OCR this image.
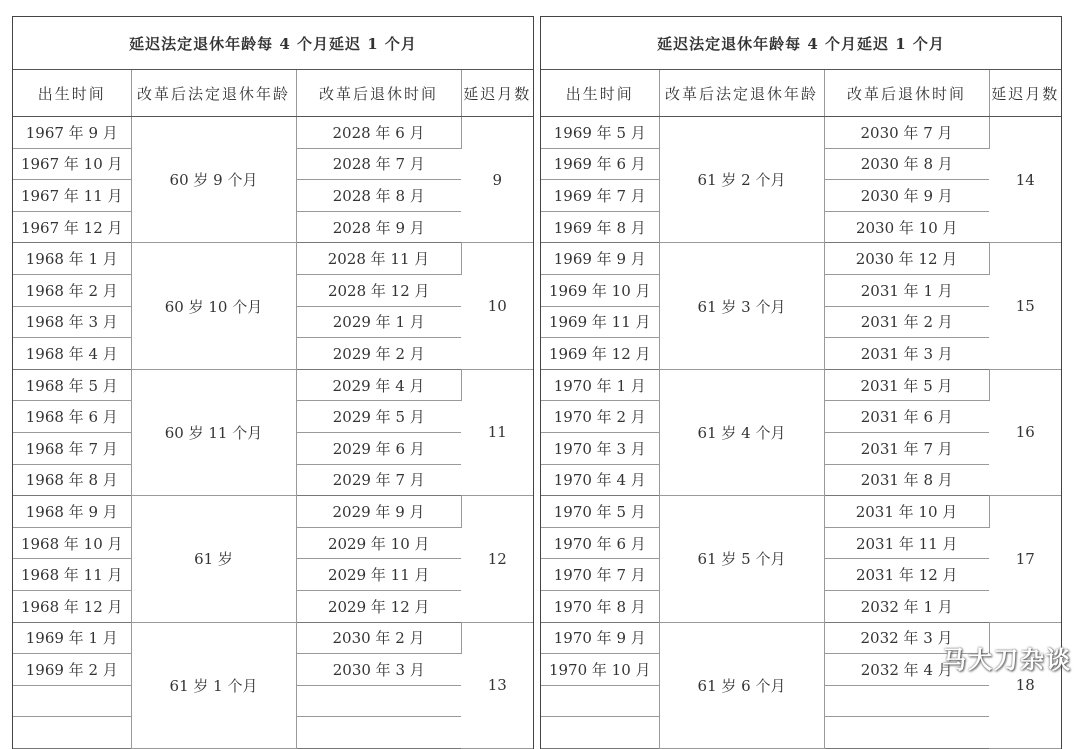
延迟法定退休年龄每 4 个月延迟 1 个月			
出生时间	改革后法定退休年龄	改革后退休时间	延迟月数
1967 年 9 月	60 岁 9 个月	2028 年 6 月	9
1967 年 10 月		2028 年 7 月	
1967 年 11 月		2028 年 8 月	
1967 年 12 月		2028 年 9 月	
1968 年 1 月	60 岁 10 个月	2028 年 11 月	10
1968 年 2 月		2028 年 12 月	
1968 年 3 月		2029 年 1 月	
1968 年 4 月		2029 年 2 月	
1968 年 5 月	60 岁 11 个月	2029 年 4 月	11
1968 年 6 月		2029 年 5 月	
1968 年 7 月		2029 年 6 月	
1968 年 8 月		2029 年 7 月	
1968 年 9 月	61 岁	2029 年 9 月	12
1968 年 10 月		2029 年 10 月	
1968 年 11 月		2029 年 11 月	
1968 年 12 月		2029 年 12 月	
1969 年 1 月	61 岁 1 个月	2030 年 2 月	13
1969 年 2 月		2030 年 3 月	

延迟法定退休年龄每 4 个月延迟 1 个月			
出生时间	改革后法定退休年龄	改革后退休时间	延迟月数
1969 年 5 月	61 岁 2 个月	2030 年 7 月	14
1969 年 6 月		2030 年 8 月	
1969 年 7 月		2030 年 9 月	
1969 年 8 月		2030 年 10 月	
1969 年 9 月	61 岁 3 个月	2030 年 12 月	15
1969 年 10 月		2031 年 1 月	
1969 年 11 月		2031 年 2 月	
1969 年 12 月		2031 年 3 月	
1970 年 1 月	61 岁 4 个月	2031 年 5 月	16
1970 年 2 月		2031 年 6 月	
1970 年 3 月		2031 年 7 月	
1970 年 4 月		2031 年 8 月	
1970 年 5 月	61 岁 5 个月	2031 年 10 月	17
1970 年 6 月		2031 年 11 月	
1970 年 7 月		2031 年 12 月	
1970 年 8 月		2032 年 1 月	
1970 年 9 月	61 岁 6 个月	2032 年 3 月	18
1970 年 10 月		2032 年 4 月	

马大刀杂谈
